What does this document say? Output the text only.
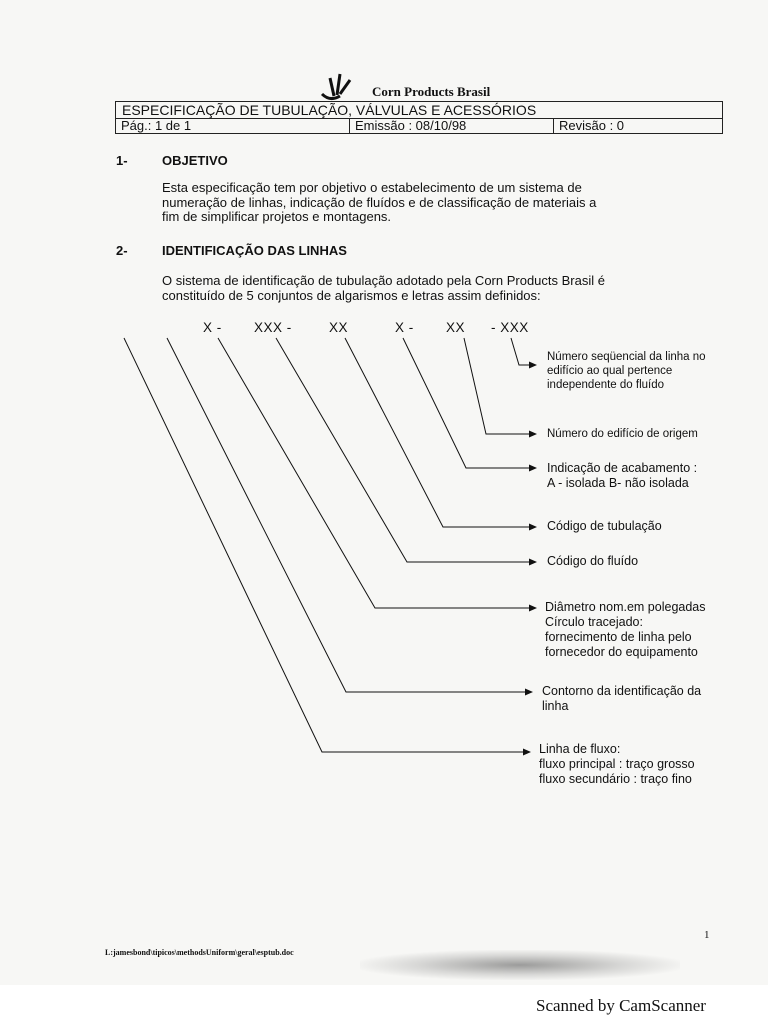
Corn Products Brasil
ESPECIFICAÇÃO DE TUBULAÇÃO, VÁLVULAS E ACESSÓRIOS
Pág.: 1 de 1	Emissão : 08/10/98	Revisão : 0
1-	OBJETIVO
Esta especificação tem por objetivo o estabelecimento de um sistema de
numeração de linhas, indicação de fluídos e de classificação de materiais a
fim de simplificar projetos e montagens.
2-	IDENTIFICAÇÃO DAS LINHAS
O sistema de identificação de tubulação adotado pela Corn Products Brasil é
constituído de 5 conjuntos de algarismos e letras assim definidos:
X - XXX -	XX	X - XX - XXX
Número seqüencial da linha no
edifício ao qual pertence
independente do fluído
Número do edifício de origem
Indicação de acabamento :
A - isolada B- não isolada
Código de tubulação
Código do fluído
Diâmetro nom.em polegadas
Círculo tracejado:
fornecimento de linha pelo
fornecedor do equipamento
Contorno da identificação da
linha
Linha de fluxo:
fluxo principal : traço grosso
fluxo secundário : traço fino
1
L:jamesbond\tipicos\methodsUniform\geral\esptub.doc
Scanned by CamScanner
